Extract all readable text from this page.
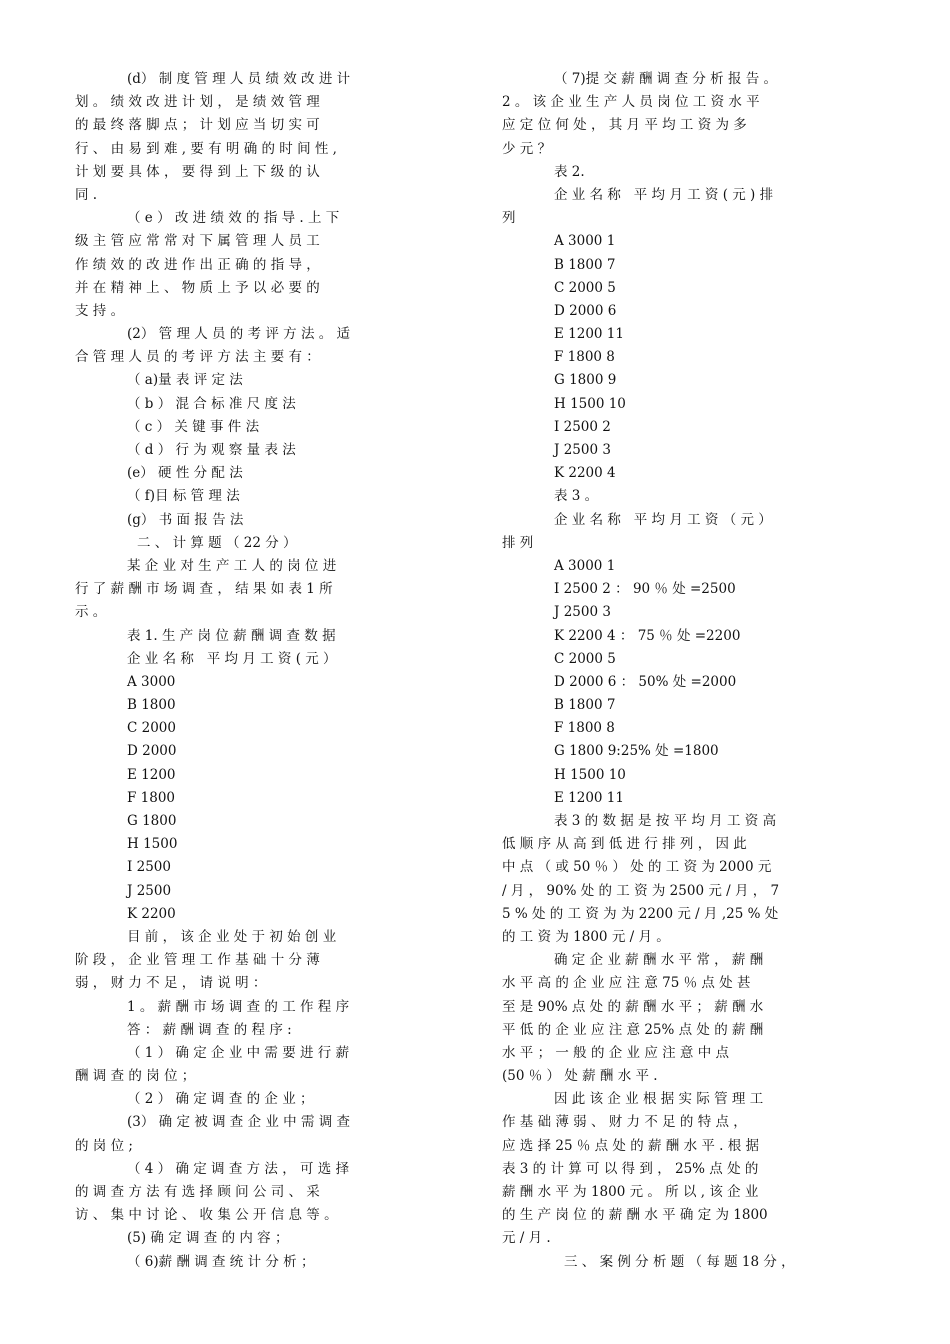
(d） 制 度 管 理 人 员 绩 效 改 进 计
划 。 绩 效 改 进 计 划 ， 是 绩 效 管 理
的 最 终 落 脚 点 ； 计 划 应 当 切 实 可
行 、 由 易 到 难 , 要 有 明 确 的 时 间 性 ,
计 划 要 具 体 ， 要 得 到 上 下 级 的 认
同 .
（ e ） 改 进 绩 效 的 指 导 . 上 下
级 主 管 应 常 常 对 下 属 管 理 人 员 工
作 绩 效 的 改 进 作 出 正 确 的 指 导 ，
并 在 精 神 上 、 物 质 上 予 以 必 要 的
支 持 。
(2） 管 理 人 员 的 考 评 方 法 。 适
合 管 理 人 员 的 考 评 方 法 主 要 有 ：
（ a)量 表 评 定 法
（ b ） 混 合 标 准 尺 度 法
（ c ） 关 键 事 件 法
（ d ） 行 为 观 察 量 表 法
(e） 硬 性 分 配 法
（ f)目 标 管 理 法
(g） 书 面 报 告 法
二 、 计 算 题 （ 22 分 ）
某 企 业 对 生 产 工 人 的 岗 位 进
行 了 薪 酬 市 场 调 查 ， 结 果 如 表 1 所
示 。
表 1. 生 产 岗 位 薪 酬 调 查 数 据
企 业 名 称   平 均 月 工 资 ( 元 ）
A 3000
B 1800
C 2000
D 2000
E 1200
F 1800
G 1800
H 1500
I 2500
J 2500
K 2200
目 前 ， 该 企 业 处 于 初 始 创 业
阶 段 ， 企 业 管 理 工 作 基 础 十 分 薄
弱 ， 财 力 不 足 ， 请 说 明 ：
1 。 薪 酬 市 场 调 查 的 工 作 程 序
答 ： 薪 酬 调 查 的 程 序 :
（ 1 ） 确 定 企 业 中 需 要 进 行 薪
酬 调 查 的 岗 位 ；
（ 2 ） 确 定 调 查 的 企 业 ；
(3） 确 定 被 调 查 企 业 中 需 调 查
的 岗 位 ;
（ 4 ） 确 定 调 查 方 法 ， 可 选 择
的 调 查 方 法 有 选 择 顾 问 公 司 、 采
访 、 集 中 讨 论 、 收 集 公 开 信 息 等 。
(5) 确 定 调 查 的 内 容 ；
（ 6)薪 酬 调 查 统 计 分 析 ；
（ 7)提 交 薪 酬 调 查 分 析 报 告 。
2 。 该 企 业 生 产 人 员 岗 位 工 资 水 平
应 定 位 何 处 ， 其 月 平 均 工 资 为 多
少 元 ？
表 2.
企 业 名 称   平 均 月 工 资 ( 元 ) 排
列
A 3000 1
B 1800 7
C 2000 5
D 2000 6
E 1200 11
F 1800 8
G 1800 9
H 1500 10
I 2500 2
J 2500 3
K 2200 4
表 3 。
企 业 名 称   平 均 月 工 资 （ 元 ）
排 列
A 3000 1
I 2500 2 ： 90 ％ 处 =2500
J 2500 3
K 2200 4 ： 75 ％ 处 =2200
C 2000 5
D 2000 6 ： 50% 处 =2000
B 1800 7
F 1800 8
G 1800 9:25% 处 =1800
H 1500 10
E 1200 11
表 3 的 数 据 是 按 平 均 月 工 资 高
低 顺 序 从 高 到 低 进 行 排 列 ， 因 此
中 点 （ 或 50 ％ ） 处 的 工 资 为 2000 元
/ 月 ， 90% 处 的 工 资 为 2500 元 / 月 ， 7
5 % 处 的 工 资 为 为 2200 元 / 月 ,25 % 处
的 工 资 为 1800 元 / 月 。
确 定 企 业 薪 酬 水 平 常 ， 薪 酬
水 平 高 的 企 业 应 注 意 75 ％ 点 处 甚
至 是 90% 点 处 的 薪 酬 水 平 ； 薪 酬 水
平 低 的 企 业 应 注 意 25% 点 处 的 薪 酬
水 平 ； 一 般 的 企 业 应 注 意 中 点
(50 ％ ） 处 薪 酬 水 平 .
因 此 该 企 业 根 据 实 际 管 理 工
作 基 础 薄 弱 、 财 力 不 足 的 特 点 ，
应 选 择 25 ％ 点 处 的 薪 酬 水 平 . 根 据
表 3 的 计 算 可 以 得 到 ， 25% 点 处 的
薪 酬 水 平 为 1800 元 。 所 以 , 该 企 业
的 生 产 岗 位 的 薪 酬 水 平 确 定 为 1800
元 / 月 .
三 、 案 例 分 析 题 （ 每 题 18 分 ，
